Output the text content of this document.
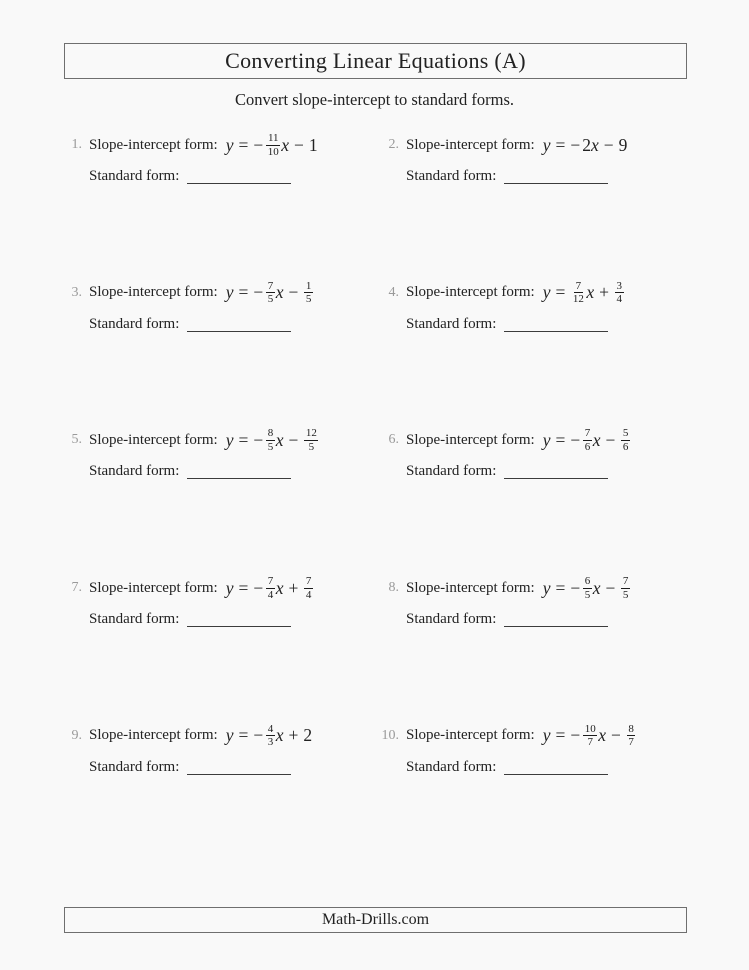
Converting Linear Equations (A)
Convert slope-intercept to standard forms.
1. Slope-intercept form: y = − $\frac{11}{10}$ x − 1
Standard form:
2. Slope-intercept form: y = − 2 x − 9
Standard form:
3. Slope-intercept form: y = − $\frac{7}{5}$ $x - \frac{1}{5}$
Standard form:
4. Slope-intercept form: $y = \frac{7}{12}$ $x + \frac{3}{4}$
Standard form:
5. Slope-intercept form: y = − $\frac{8}{5}$ $x - \frac{12}{5}$
Standard form:
6. Slope-intercept form: y = − $\frac{7}{6}$ $x - \frac{5}{6}$
Standard form:
7. Slope-intercept form: y = − $\frac{7}{4}$ $x + \frac{7}{4}$
Standard form:
8. Slope-intercept form: y = − $\frac{6}{5}$ $x - \frac{7}{5}$
Standard form:
9. Slope-intercept form: y = − $\frac{4}{3}$ x + 2
Standard form:
10. Slope-intercept form: y = − $\frac{10}{7}$ $x - \frac{8}{7}$
Standard form:
Math-Drills.com
